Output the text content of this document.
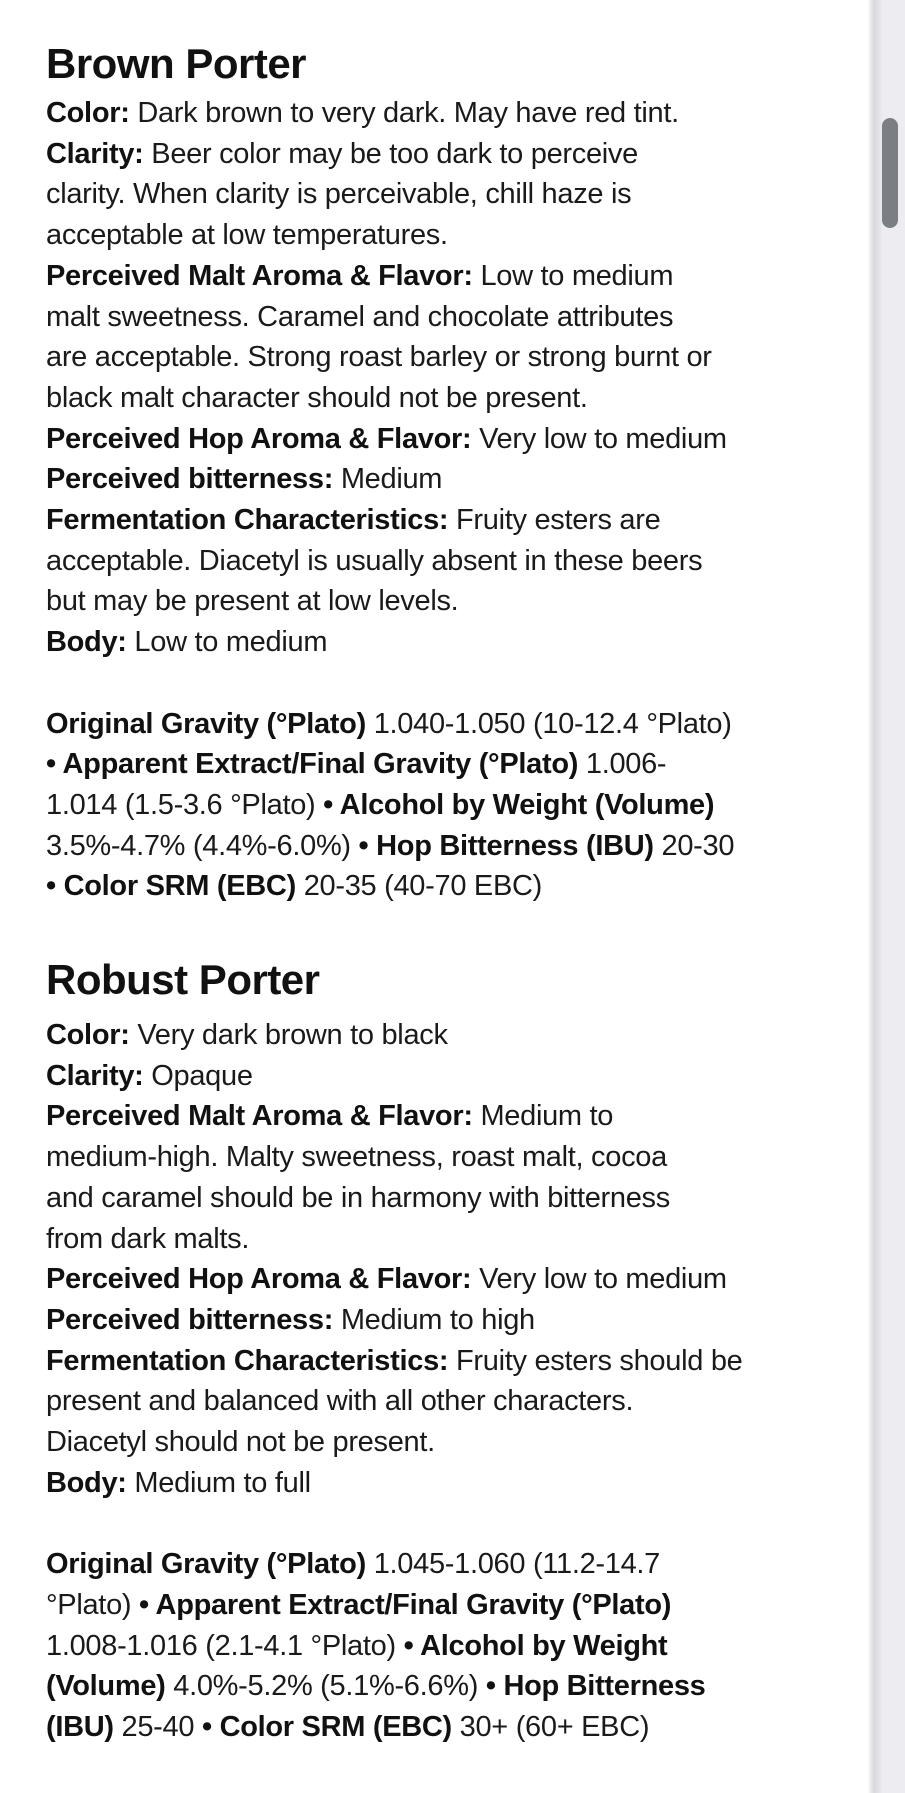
Brown Porter
Color: Dark brown to very dark. May have red tint.
Clarity: Beer color may be too dark to perceive
clarity. When clarity is perceivable, chill haze is
acceptable at low temperatures.
Perceived Malt Aroma & Flavor: Low to medium
malt sweetness. Caramel and chocolate attributes
are acceptable. Strong roast barley or strong burnt or
black malt character should not be present.
Perceived Hop Aroma & Flavor: Very low to medium
Perceived bitterness: Medium
Fermentation Characteristics: Fruity esters are
acceptable. Diacetyl is usually absent in these beers
but may be present at low levels.
Body: Low to medium
Original Gravity (°Plato) 1.040-1.050 (10-12.4 °Plato)
• Apparent Extract/Final Gravity (°Plato) 1.006-
1.014 (1.5-3.6 °Plato) • Alcohol by Weight (Volume)
3.5%-4.7% (4.4%-6.0%) • Hop Bitterness (IBU) 20-30
• Color SRM (EBC) 20-35 (40-70 EBC)
Robust Porter
Color: Very dark brown to black
Clarity: Opaque
Perceived Malt Aroma & Flavor: Medium to
medium-high. Malty sweetness, roast malt, cocoa
and caramel should be in harmony with bitterness
from dark malts.
Perceived Hop Aroma & Flavor: Very low to medium
Perceived bitterness: Medium to high
Fermentation Characteristics: Fruity esters should be
present and balanced with all other characters.
Diacetyl should not be present.
Body: Medium to full
Original Gravity (°Plato) 1.045-1.060 (11.2-14.7
°Plato) • Apparent Extract/Final Gravity (°Plato)
1.008-1.016 (2.1-4.1 °Plato) • Alcohol by Weight
(Volume) 4.0%-5.2% (5.1%-6.6%) • Hop Bitterness
(IBU) 25-40 • Color SRM (EBC) 30+ (60+ EBC)
